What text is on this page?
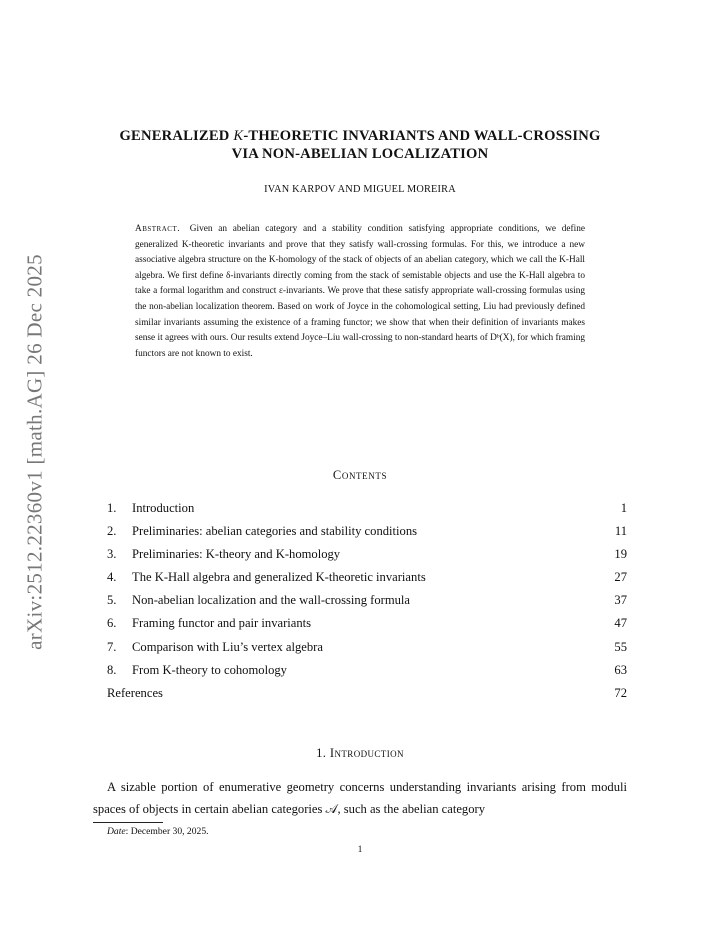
arXiv:2512.22360v1 [math.AG] 26 Dec 2025
GENERALIZED K-THEORETIC INVARIANTS AND WALL-CROSSING
VIA NON-ABELIAN LOCALIZATION
IVAN KARPOV AND MIGUEL MOREIRA
Abstract. Given an abelian category and a stability condition satisfying appropriate conditions, we define generalized K-theoretic invariants and prove that they satisfy wall-crossing formulas. For this, we introduce a new associative algebra structure on the K-homology of the stack of objects of an abelian category, which we call the K-Hall algebra. We first define δ-invariants directly coming from the stack of semistable objects and use the K-Hall algebra to take a formal logarithm and construct ε-invariants. We prove that these satisfy appropriate wall-crossing formulas using the non-abelian localization theorem. Based on work of Joyce in the cohomological setting, Liu had previously defined similar invariants assuming the existence of a framing functor; we show that when their definition of invariants makes sense it agrees with ours. Our results extend Joyce–Liu wall-crossing to non-standard hearts of Dᵇ(X), for which framing functors are not known to exist.
Contents
1.	Introduction	1
2.	Preliminaries: abelian categories and stability conditions	11
3.	Preliminaries: K-theory and K-homology	19
4.	The K-Hall algebra and generalized K-theoretic invariants	27
5.	Non-abelian localization and the wall-crossing formula	37
6.	Framing functor and pair invariants	47
7.	Comparison with Liu’s vertex algebra	55
8.	From K-theory to cohomology	63
References	72
1. Introduction
A sizable portion of enumerative geometry concerns understanding invariants arising from moduli spaces of objects in certain abelian categories 𝒜, such as the abelian category
Date: December 30, 2025.
1
